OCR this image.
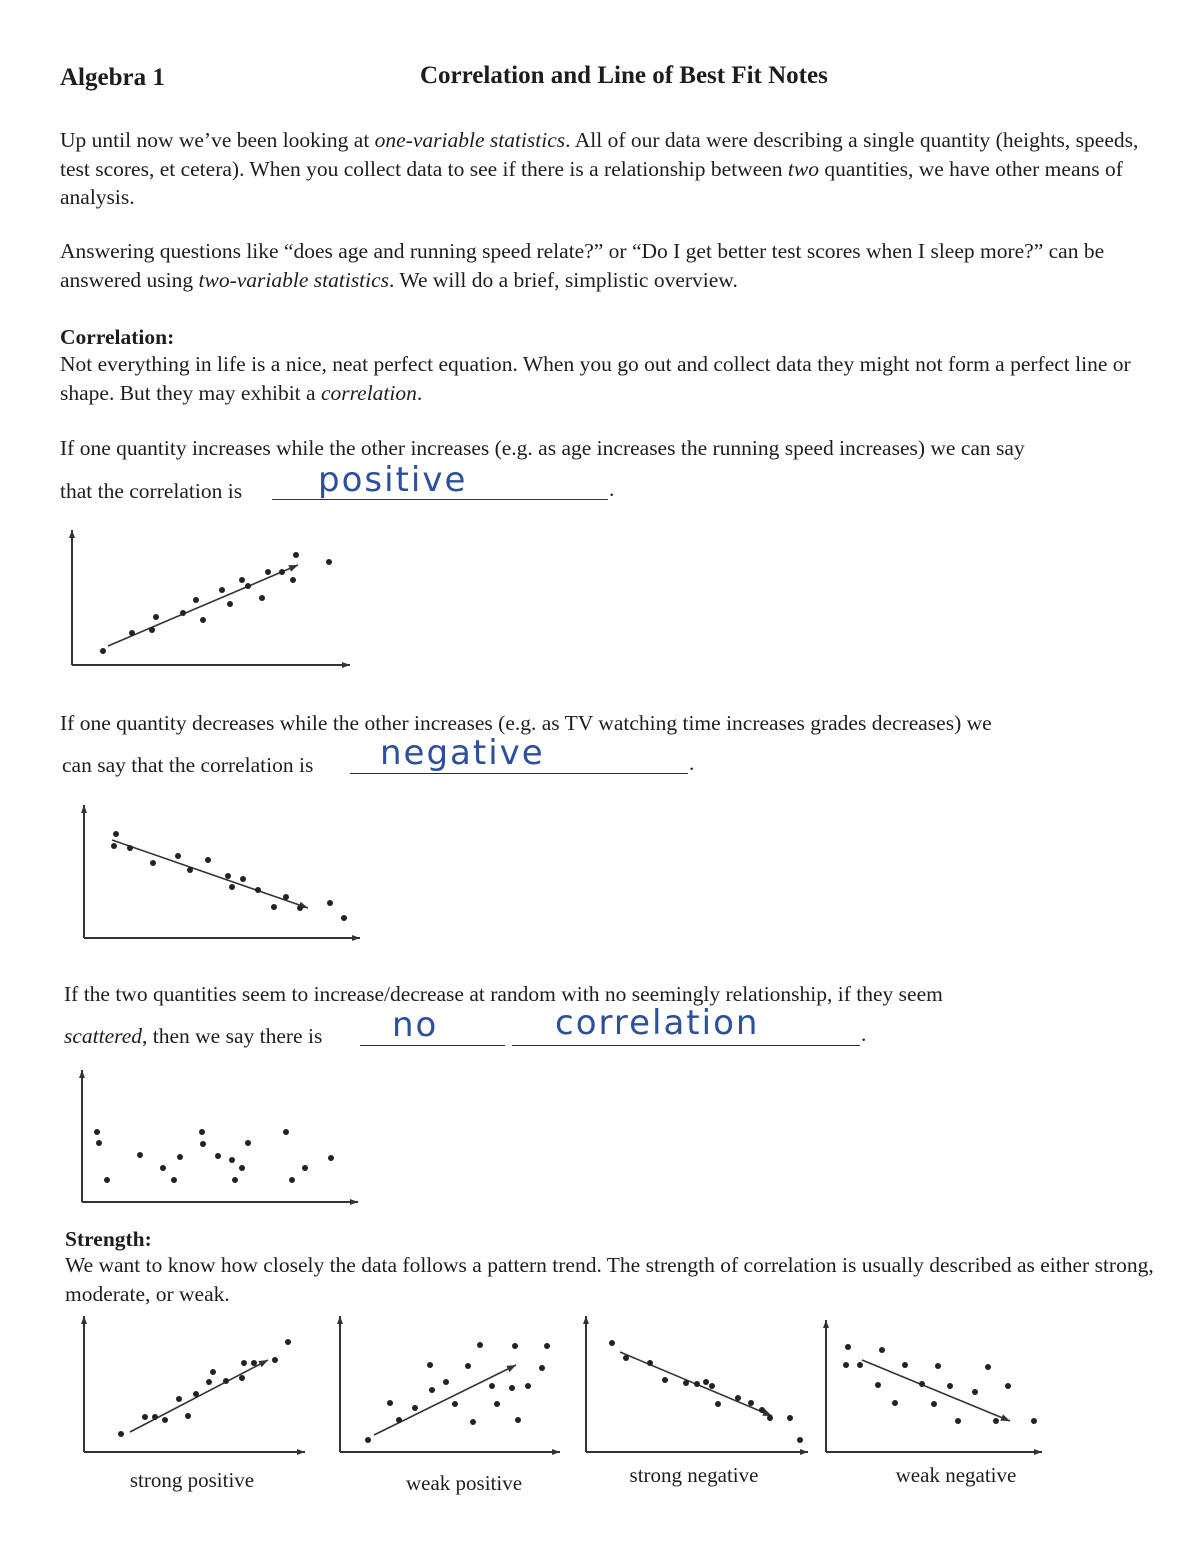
Algebra 1	Correlation and Line of Best Fit Notes
Up until now we’ve been looking at one-variable statistics. All of our data were describing a single quantity (heights, speeds, test scores, et cetera). When you collect data to see if there is a relationship between two quantities, we have other means of analysis.
Answering questions like “does age and running speed relate?” or “Do I get better test scores when I sleep more?” can be answered using two-variable statistics. We will do a brief, simplistic overview.
Correlation:
Not everything in life is a nice, neat perfect equation. When you go out and collect data they might not form a perfect line or shape. But they may exhibit a correlation.
If one quantity increases while the other increases (e.g. as age increases the running speed increases) we can say
that the correlation is positive	.
If one quantity decreases while the other increases (e.g. as TV watching time increases grades decreases) we
can say that the correlation is negative	.
If the two quantities seem to increase/decrease at random with no seemingly relationship, if they seem
scattered, then we say there is no	correlation	.
Strength:
We want to know how closely the data follows a pattern trend. The strength of correlation is usually described as either strong, moderate, or weak.
strong positive	weak positive	strong negative	weak negative
